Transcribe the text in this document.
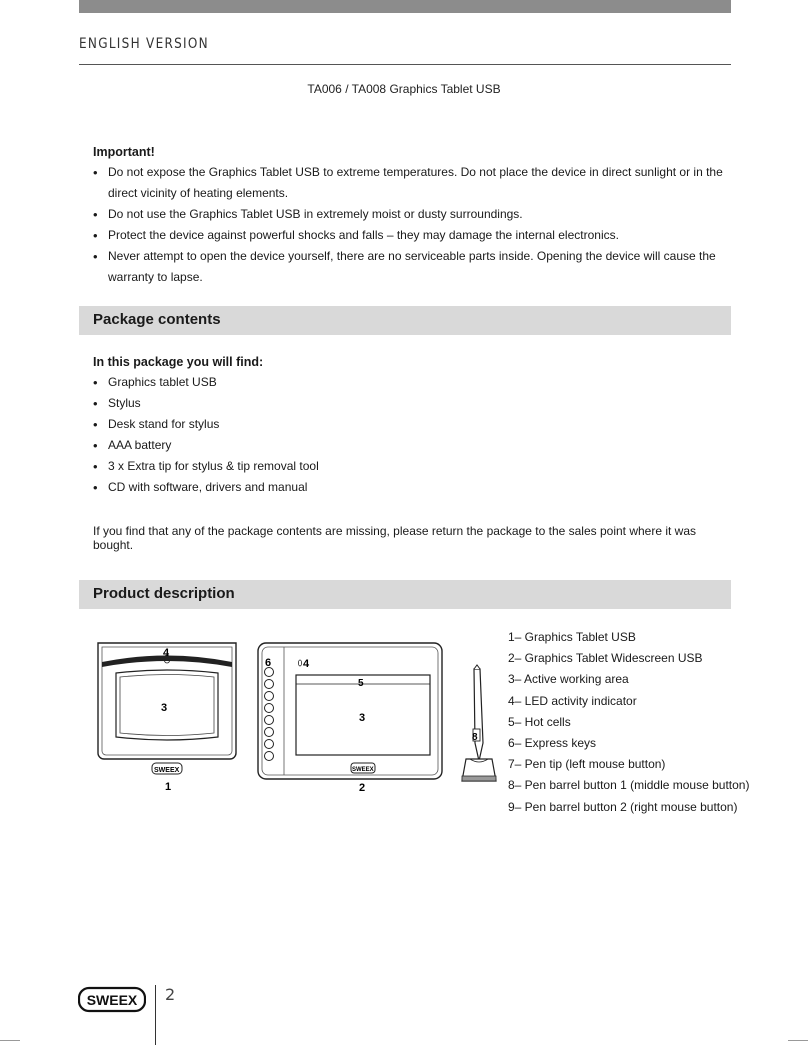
ENGLISH VERSION
TA006 / TA008 Graphics Tablet USB
Important!
• Do not expose the Graphics Tablet USB to extreme temperatures. Do not place the device in direct sunlight or in the direct vicinity of heating elements.
• Do not use the Graphics Tablet USB in extremely moist or dusty surroundings.
• Protect the device against powerful shocks and falls – they may damage the internal electronics.
• Never attempt to open the device yourself, there are no serviceable parts inside. Opening the device will cause the warranty to lapse.
Package contents
In this package you will find:
• Graphics tablet USB
• Stylus
• Desk stand for stylus
• AAA battery
• 3 x Extra tip for stylus & tip removal tool
• CD with software, drivers and manual
If you find that any of the package contents are missing, please return the package to the sales point where it was bought.
Product description
4
3
1
SWEEX
6	4
5
3
2
SWEEX
8
1– Graphics Tablet USB
2– Graphics Tablet Widescreen USB
3– Active working area
4– LED activity indicator
5– Hot cells
6– Express keys
7– Pen tip (left mouse button)
8– Pen barrel button 1 (middle mouse button)
9– Pen barrel button 2 (right mouse button)
SWEEX 2
